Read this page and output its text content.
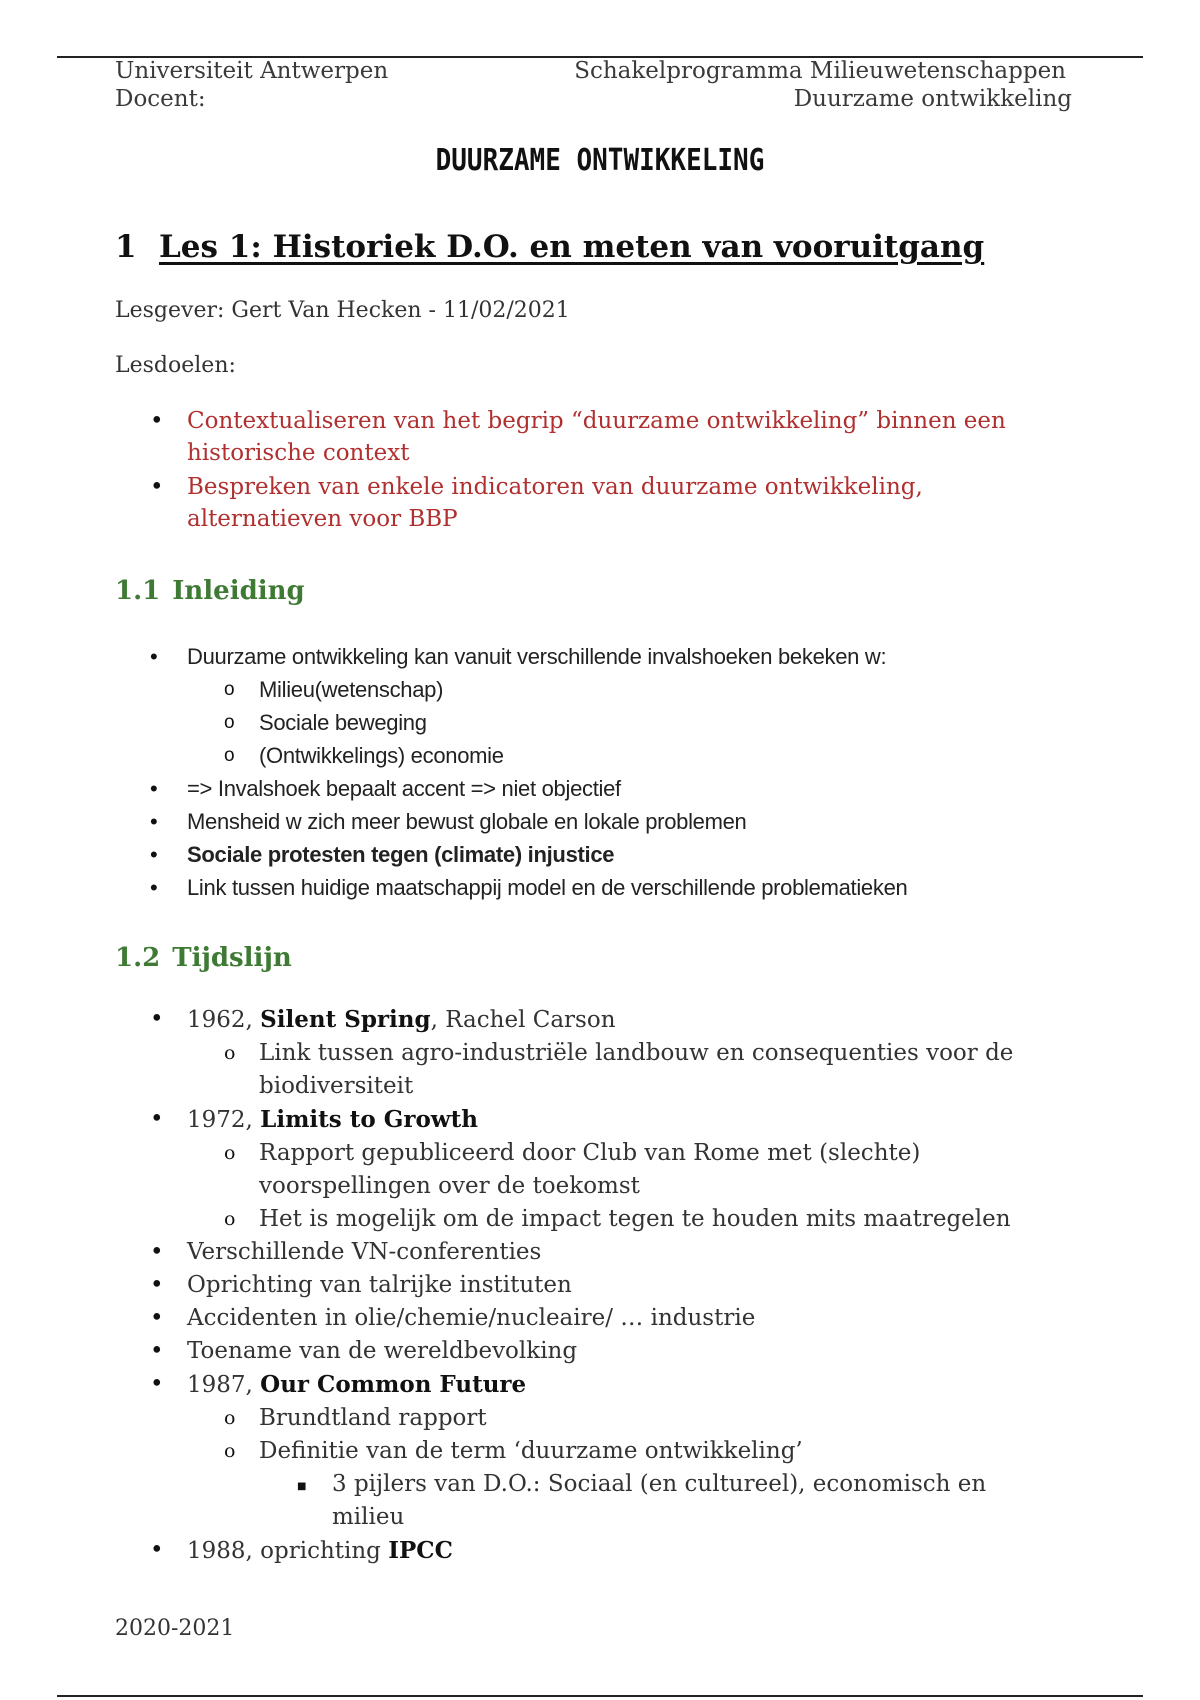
Universiteit Antwerpen
Docent:
Schakelprogramma Milieuwetenschappen
Duurzame ontwikkeling
DUURZAME ONTWIKKELING
1 Les 1: Historiek D.O. en meten van vooruitgang
Lesgever: Gert Van Hecken - 11/02/2021
Lesdoelen:
• Contextualiseren van het begrip “duurzame ontwikkeling” binnen een historische context
• Bespreken van enkele indicatoren van duurzame ontwikkeling, alternatieven voor BBP
1.1 Inleiding
• Duurzame ontwikkeling kan vanuit verschillende invalshoeken bekeken w:
o Milieu(wetenschap)
o Sociale beweging
o (Ontwikkelings) economie
• => Invalshoek bepaalt accent => niet objectief
• Mensheid w zich meer bewust globale en lokale problemen
• Sociale protesten tegen (climate) injustice
• Link tussen huidige maatschappij model en de verschillende problematieken
1.2 Tijdslijn
• 1962, Silent Spring, Rachel Carson
o Link tussen agro-industriële landbouw en consequenties voor de biodiversiteit
• 1972, Limits to Growth
o Rapport gepubliceerd door Club van Rome met (slechte) voorspellingen over de toekomst
o Het is mogelijk om de impact tegen te houden mits maatregelen
• Verschillende VN-conferenties
• Oprichting van talrijke instituten
• Accidenten in olie/chemie/nucleaire/ … industrie
• Toename van de wereldbevolking
• 1987, Our Common Future
o Brundtland rapport
o Definitie van de term ‘duurzame ontwikkeling’
■ 3 pijlers van D.O.: Sociaal (en cultureel), economisch en milieu
• 1988, oprichting IPCC
2020-2021
